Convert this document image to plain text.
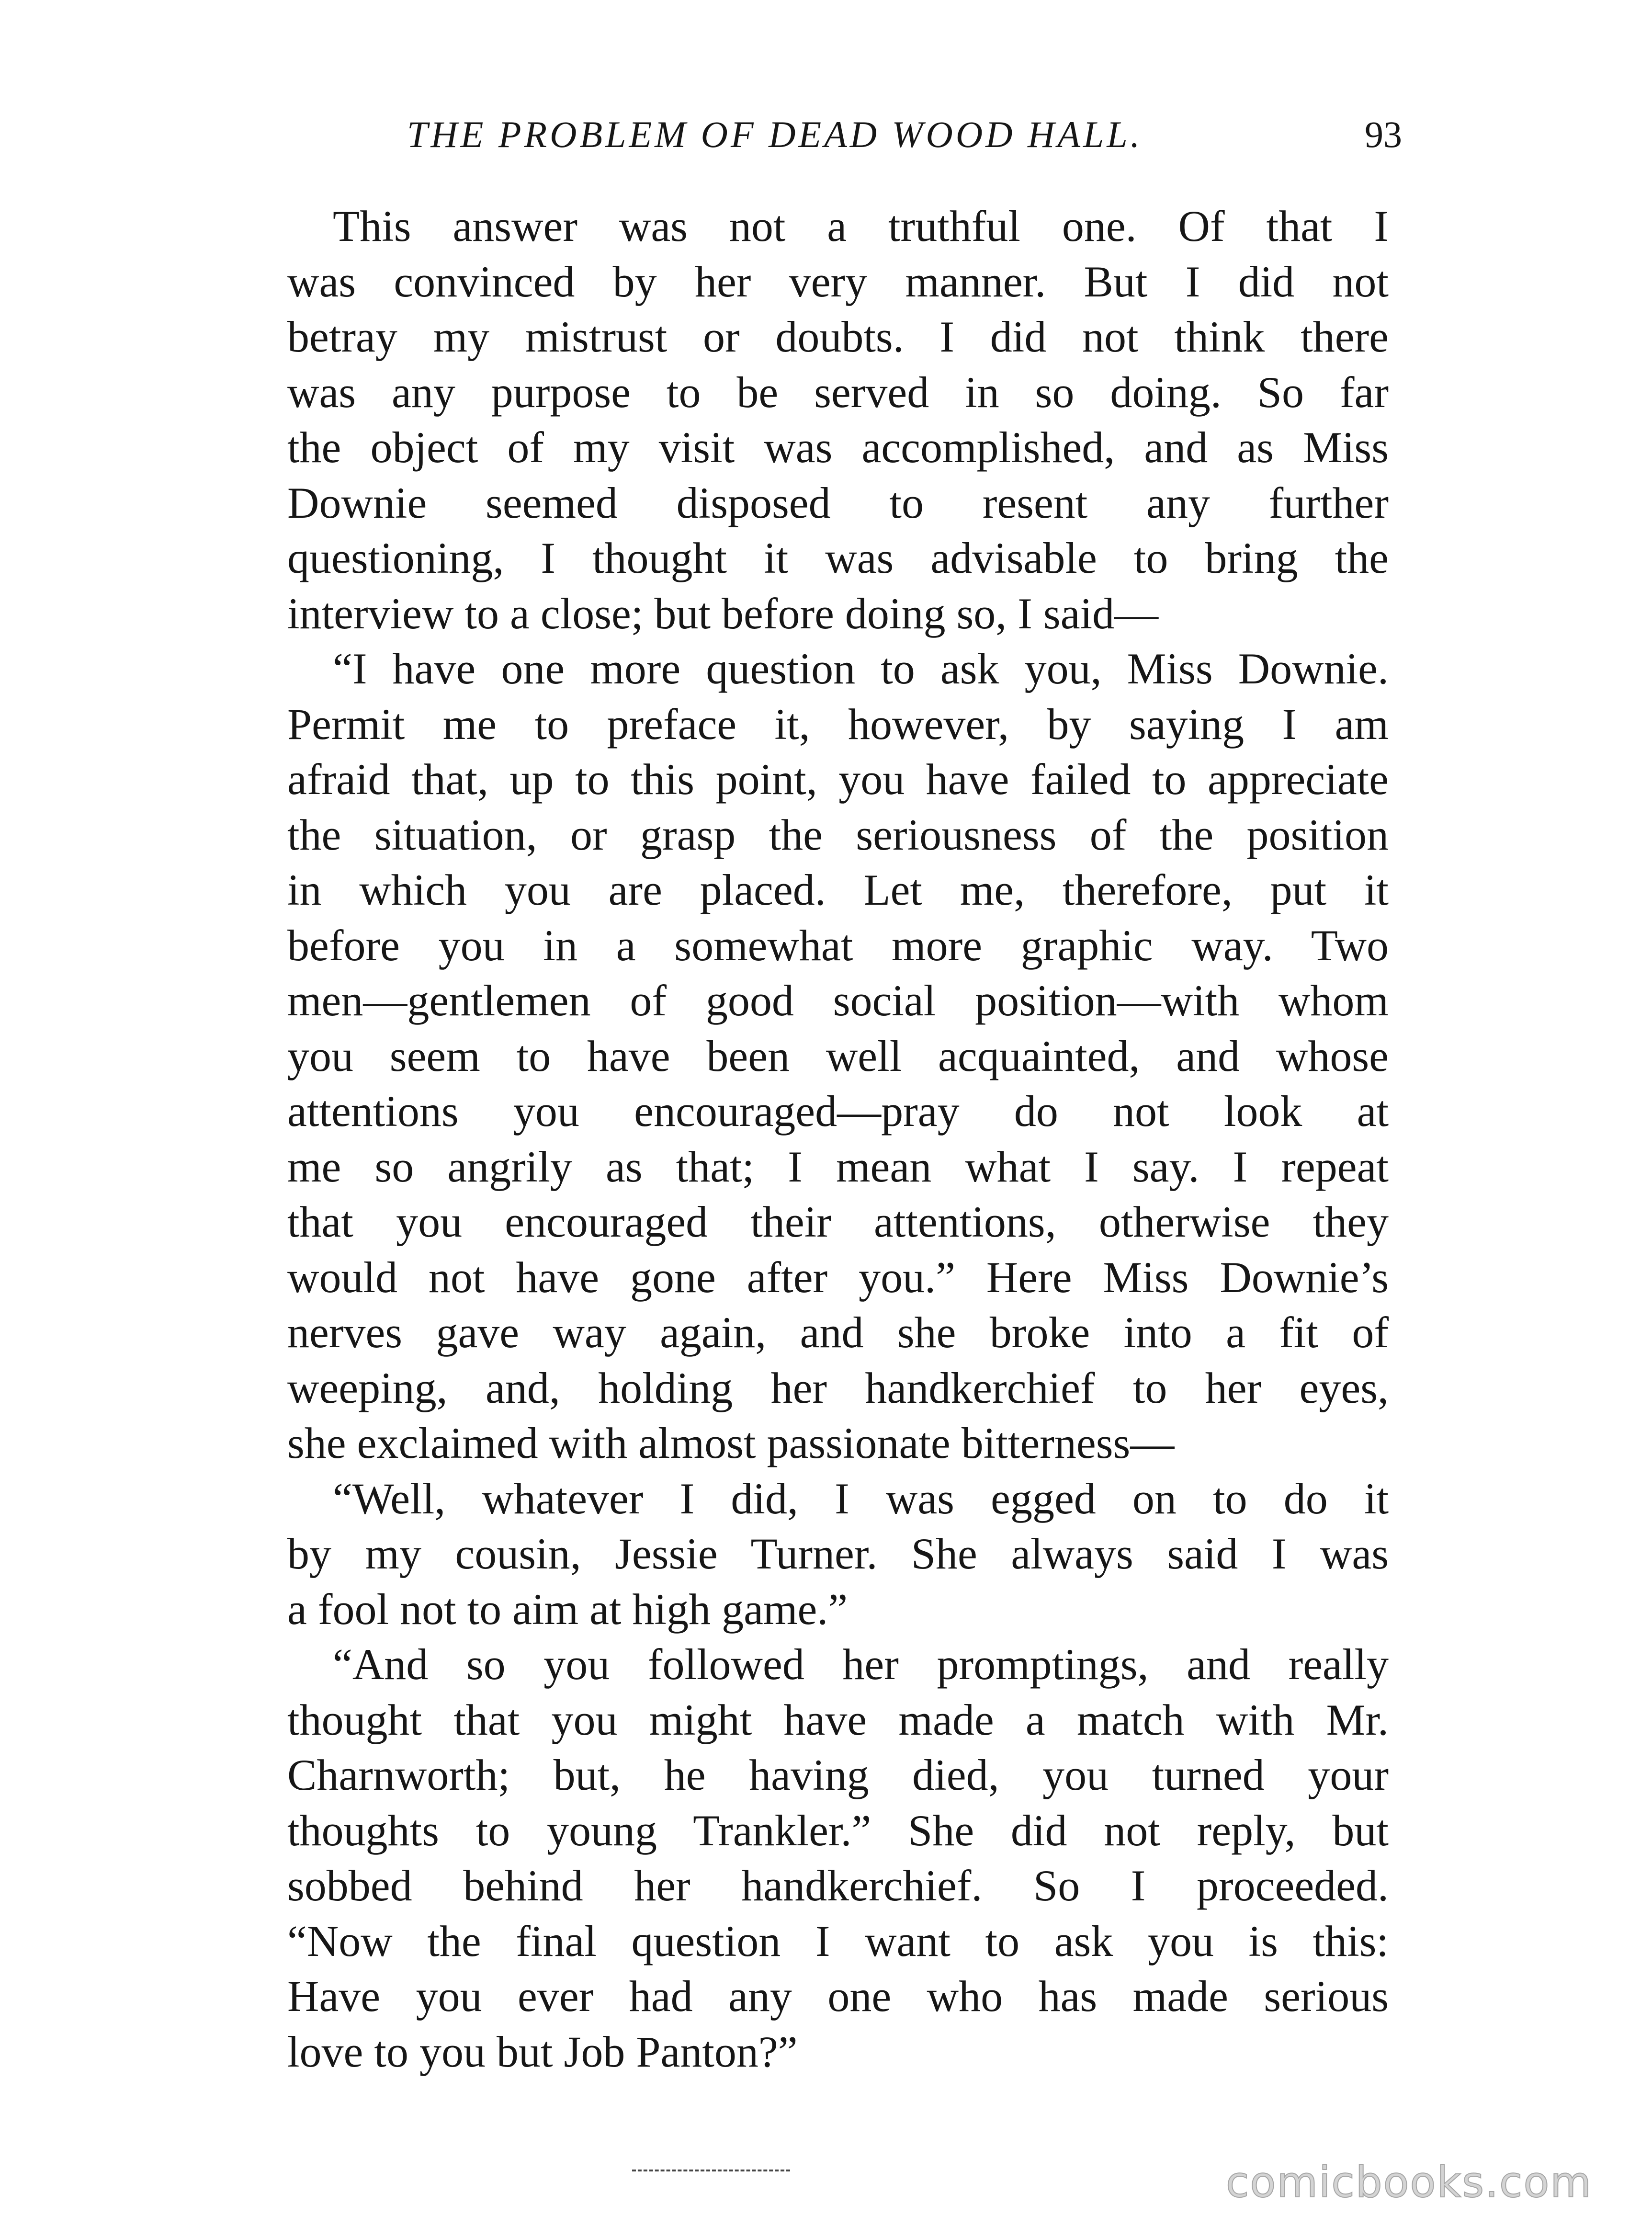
THE PROBLEM OF DEAD WOOD HALL.	93
This answer was not a truthful one. Of that I
was convinced by her very manner. But I did not
betray my mistrust or doubts. I did not think there
was any purpose to be served in so doing. So far
the object of my visit was accomplished, and as Miss
Downie seemed disposed to resent any further
questioning, I thought it was advisable to bring the
interview to a close; but before doing so, I said—
“I have one more question to ask you, Miss Downie.
Permit me to preface it, however, by saying I am
afraid that, up to this point, you have failed to appreciate
the situation, or grasp the seriousness of the position
in which you are placed. Let me, therefore, put it
before you in a somewhat more graphic way. Two
men—gentlemen of good social position—with whom
you seem to have been well acquainted, and whose
attentions you encouraged—pray do not look at
me so angrily as that; I mean what I say. I repeat
that you encouraged their attentions, otherwise they
would not have gone after you.” Here Miss Downie’s
nerves gave way again, and she broke into a fit of
weeping, and, holding her handkerchief to her eyes,
she exclaimed with almost passionate bitterness—
“Well, whatever I did, I was egged on to do it
by my cousin, Jessie Turner. She always said I was
a fool not to aim at high game.”
“And so you followed her promptings, and really
thought that you might have made a match with Mr.
Charnworth; but, he having died, you turned your
thoughts to young Trankler.” She did not reply, but
sobbed behind her handkerchief. So I proceeded.
“Now the final question I want to ask you is this:
Have you ever had any one who has made serious
love to you but Job Panton?”
comicbooks.com
